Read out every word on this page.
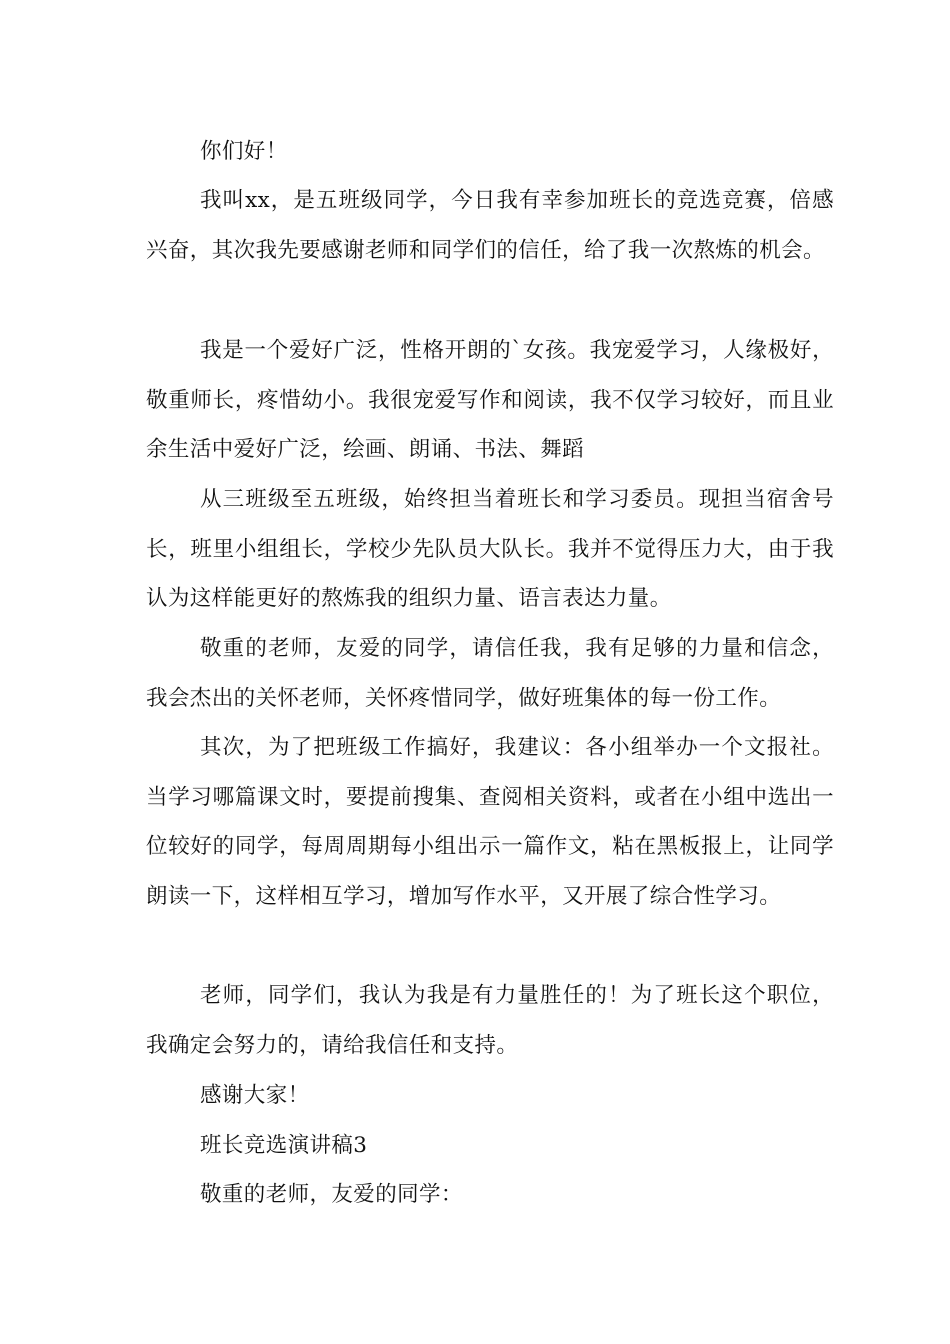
你们好！

我叫xx，是五班级同学，今日我有幸参加班长的竞选竞赛，倍感兴奋，其次我先要感谢老师和同学们的信任，给了我一次熬炼的机会。

我是一个爱好广泛，性格开朗的`女孩。我宠爱学习，人缘极好，敬重师长，疼惜幼小。我很宠爱写作和阅读，我不仅学习较好，而且业余生活中爱好广泛，绘画、朗诵、书法、舞蹈

从三班级至五班级，始终担当着班长和学习委员。现担当宿舍号长，班里小组组长，学校少先队员大队长。我并不觉得压力大，由于我认为这样能更好的熬炼我的组织力量、语言表达力量。

敬重的老师，友爱的同学，请信任我，我有足够的力量和信念，我会杰出的关怀老师，关怀疼惜同学，做好班集体的每一份工作。

其次，为了把班级工作搞好，我建议：各小组举办一个文报社。当学习哪篇课文时，要提前搜集、查阅相关资料，或者在小组中选出一位较好的同学，每周周期每小组出示一篇作文，粘在黑板报上，让同学朗读一下，这样相互学习，增加写作水平，又开展了综合性学习。

老师，同学们，我认为我是有力量胜任的！为了班长这个职位，我确定会努力的，请给我信任和支持。

感谢大家！

班长竞选演讲稿3

敬重的老师，友爱的同学：
